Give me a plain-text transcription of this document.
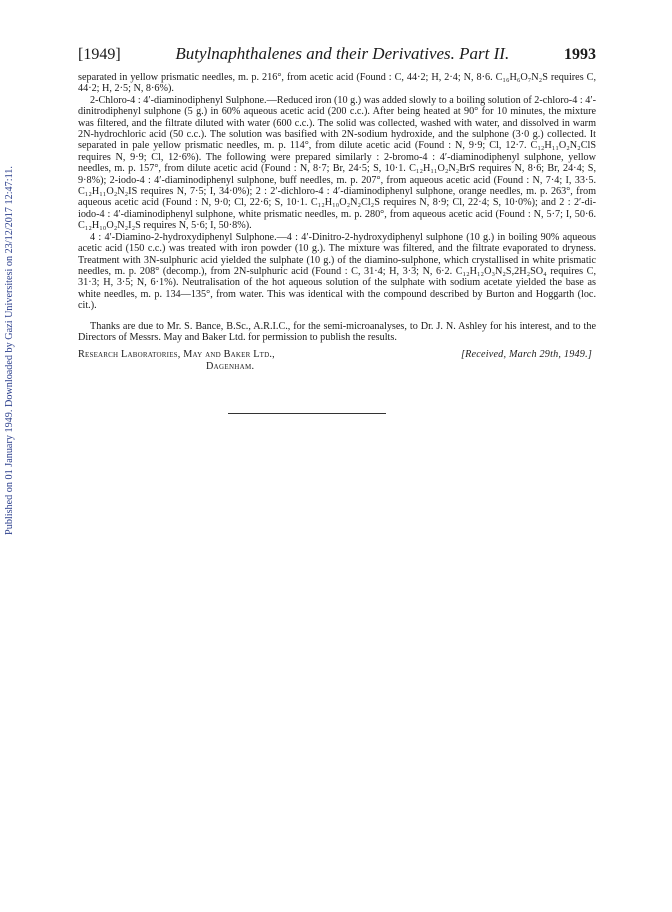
Published on 01 January 1949. Downloaded by Gazi Universitesi on 23/12/2017 12:47:11.
[1949]	Butylnaphthalenes and their Derivatives. Part II.	1993

separated in yellow prismatic needles, m. p. 216°, from acetic acid (Found : C, 44·2; H, 2·4; N, 8·6. C₁₆H₆O₇N₂S requires C, 44·2; H, 2·5; N, 8·6%).

2-Chloro-4 : 4′-diaminodiphenyl Sulphone.—Reduced iron (10 g.) was added slowly to a boiling solution of 2-chloro-4 : 4′-dinitrodiphenyl sulphone (5 g.) in 60% aqueous acetic acid (200 c.c.). After being heated at 90° for 10 minutes, the mixture was filtered, and the filtrate diluted with water (600 c.c.). The solid was collected, washed with water, and dissolved in warm 2N-hydrochloric acid (50 c.c.). The solution was basified with 2N-sodium hydroxide, and the sulphone (3·0 g.) collected. It separated in pale yellow prismatic needles, m. p. 114°, from dilute acetic acid (Found : N, 9·9; Cl, 12·7. C₁₂H₁₁O₂N₂ClS requires N, 9·9; Cl, 12·6%). The following were prepared similarly : 2-bromo-4 : 4′-diaminodiphenyl sulphone, yellow needles, m. p. 157°, from dilute acetic acid (Found : N, 8·7; Br, 24·5; S, 10·1. C₁₂H₁₁O₂N₂BrS requires N, 8·6; Br, 24·4; S, 9·8%); 2-iodo-4 : 4′-diaminodiphenyl sulphone, buff needles, m. p. 207°, from aqueous acetic acid (Found : N, 7·4; I, 33·5. C₁₂H₁₁O₂N₂IS requires N, 7·5; I, 34·0%); 2 : 2′-dichloro-4 : 4′-diaminodiphenyl sulphone, orange needles, m. p. 263°, from aqueous acetic acid (Found : N, 9·0; Cl, 22·6; S, 10·1. C₁₂H₁₀O₂N₂Cl₂S requires N, 8·9; Cl, 22·4; S, 10·0%); and 2 : 2′-di-iodo-4 : 4′-diaminodiphenyl sulphone, white prismatic needles, m. p. 280°, from aqueous acetic acid (Found : N, 5·7; I, 50·6. C₁₂H₁₀O₂N₂I₂S requires N, 5·6; I, 50·8%).

4 : 4′-Diamino-2-hydroxydiphenyl Sulphone.—4 : 4′-Dinitro-2-hydroxydiphenyl sulphone (10 g.) in boiling 90% aqueous acetic acid (150 c.c.) was treated with iron powder (10 g.). The mixture was filtered, and the filtrate evaporated to dryness. Treatment with 3N-sulphuric acid yielded the sulphate (10 g.) of the diamino-sulphone, which crystallised in white prismatic needles, m. p. 208° (decomp.), from 2N-sulphuric acid (Found : C, 31·4; H, 3·3; N, 6·2. C₁₂H₁₂O₃N₂S,2H₂SO₄ requires C, 31·3; H, 3·5; N, 6·1%). Neutralisation of the hot aqueous solution of the sulphate with sodium acetate yielded the base as white needles, m. p. 134—135°, from water. This was identical with the compound described by Burton and Hoggarth (loc. cit.).

Thanks are due to Mr. S. Bance, B.Sc., A.R.I.C., for the semi-microanalyses, to Dr. J. N. Ashley for his interest, and to the Directors of Messrs. May and Baker Ltd. for permission to publish the results.

Research Laboratories, May and Baker Ltd.,	[Received, March 29th, 1949.]
Dagenham.
